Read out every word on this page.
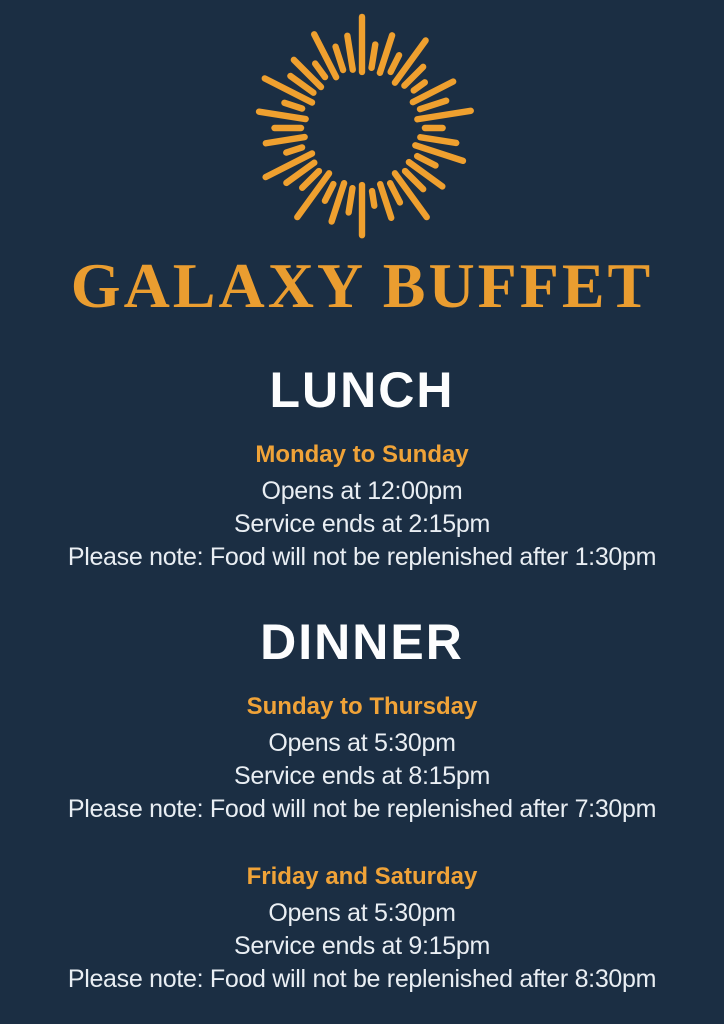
GALAXY BUFFET
LUNCH
Monday to Sunday
Opens at 12:00pm
Service ends at 2:15pm
Please note: Food will not be replenished after 1:30pm
DINNER
Sunday to Thursday
Opens at 5:30pm
Service ends at 8:15pm
Please note: Food will not be replenished after 7:30pm
Friday and Saturday
Opens at 5:30pm
Service ends at 9:15pm
Please note: Food will not be replenished after 8:30pm
